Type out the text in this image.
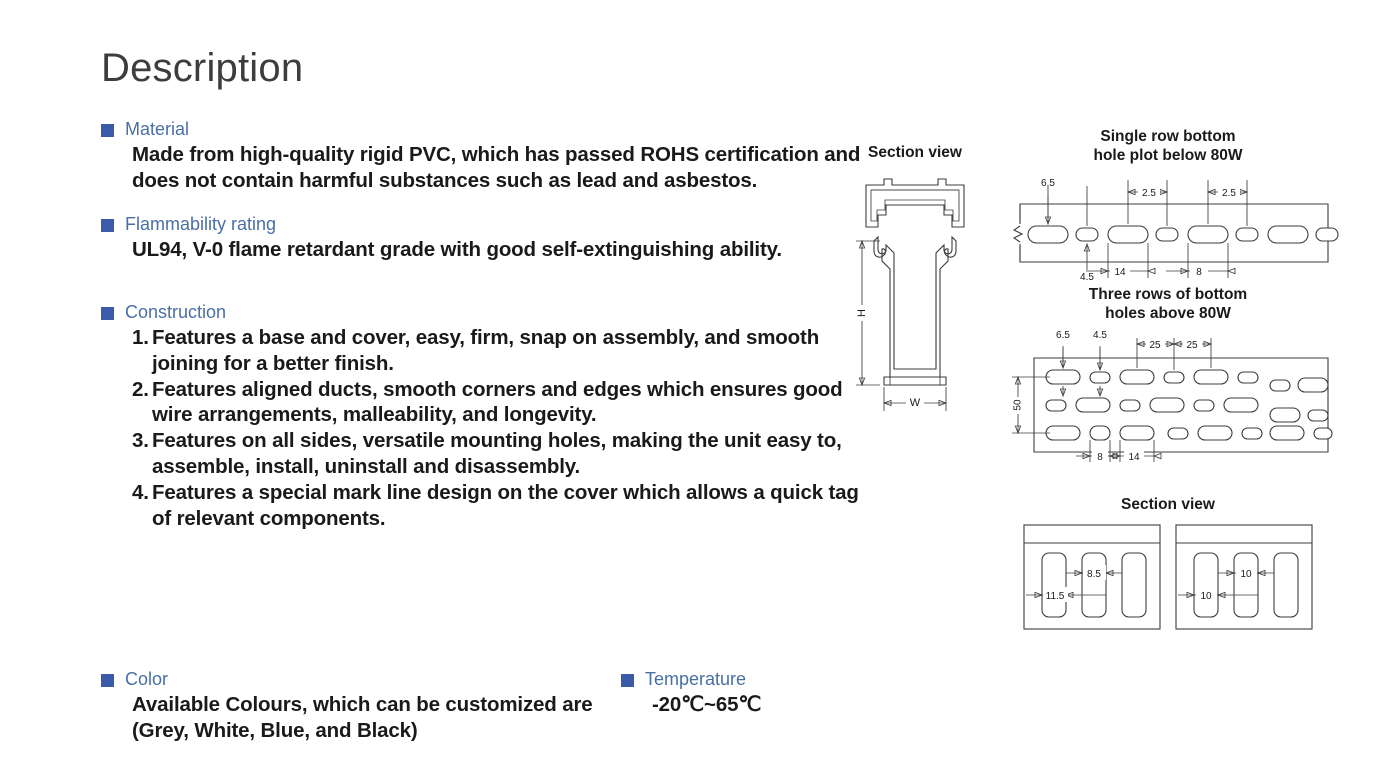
Description
Material
Made from high-quality rigid PVC, which has passed ROHS certification and
does not contain harmful substances such as lead and asbestos.
Flammability rating
UL94, V-0 flame retardant grade with good self-extinguishing ability.
Construction
1. Features a base and cover, easy, firm, snap on assembly, and smooth
joining for a better finish.
2. Features aligned ducts, smooth corners and edges which ensures good
wire arrangements, malleability, and longevity.
3. Features on all sides, versatile mounting holes, making the unit easy to,
assemble, install, uninstall and disassembly.
4. Features a special mark line design on the cover which allows a quick tag
of relevant components.
Color
Available Colours, which can be customized are
(Grey, White, Blue, and Black)
Temperature
-20℃~65℃
Section view
H
W
Single row bottom
hole plot below 80W
6.5
4.5
2.5	2.5
14	8
Three rows of bottom
holes above 80W
6.5 4.5
25	25
50
8	14
Section view
8.5
11.5
10
10
